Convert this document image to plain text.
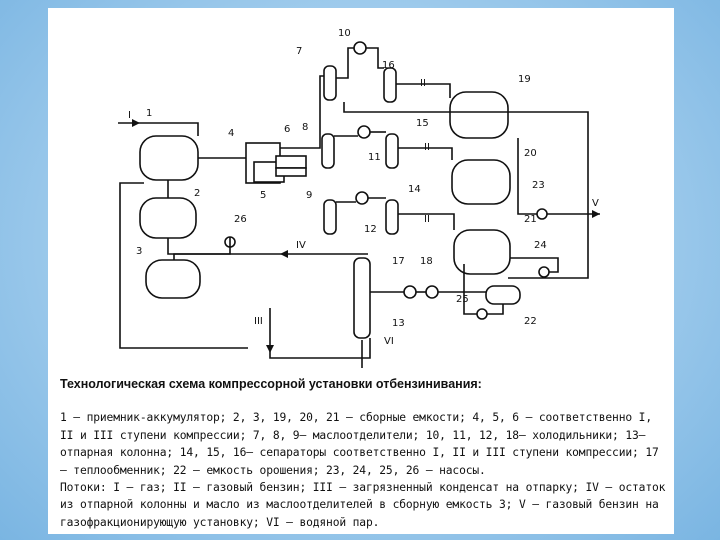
1
2
3
4
5
6
7
8
9
10
11
12
13
14
15
16
17 18
19
20
21
22
23
24
25
26
I
II
II
II
III
IV
V
VI
Технологическая схема компрессорной установки отбензинивания:

1 — приемник-аккумулятор; 2, 3, 19, 20, 21 — сборные емкости; 4, 5, 6 — соответственно I, II и III ступени компрессии; 7, 8, 9— маслоотделители; 10, 11, 12, 18— холодильники; 13— отпарная колонна; 14, 15, 16— сепараторы соответственно I, II и III ступени компрессии; 17 — теплообменник; 22 — емкость орошения; 23, 24, 25, 26 — насосы.

Потоки: I — газ; II — газовый бензин; III — загрязненный конденсат на отпарку; IV — остаток из отпарной колонны и масло из маслоотделителей в сборную емкость 3; V — газовый бензин на газофракционирующую установку; VI — водяной пар.
